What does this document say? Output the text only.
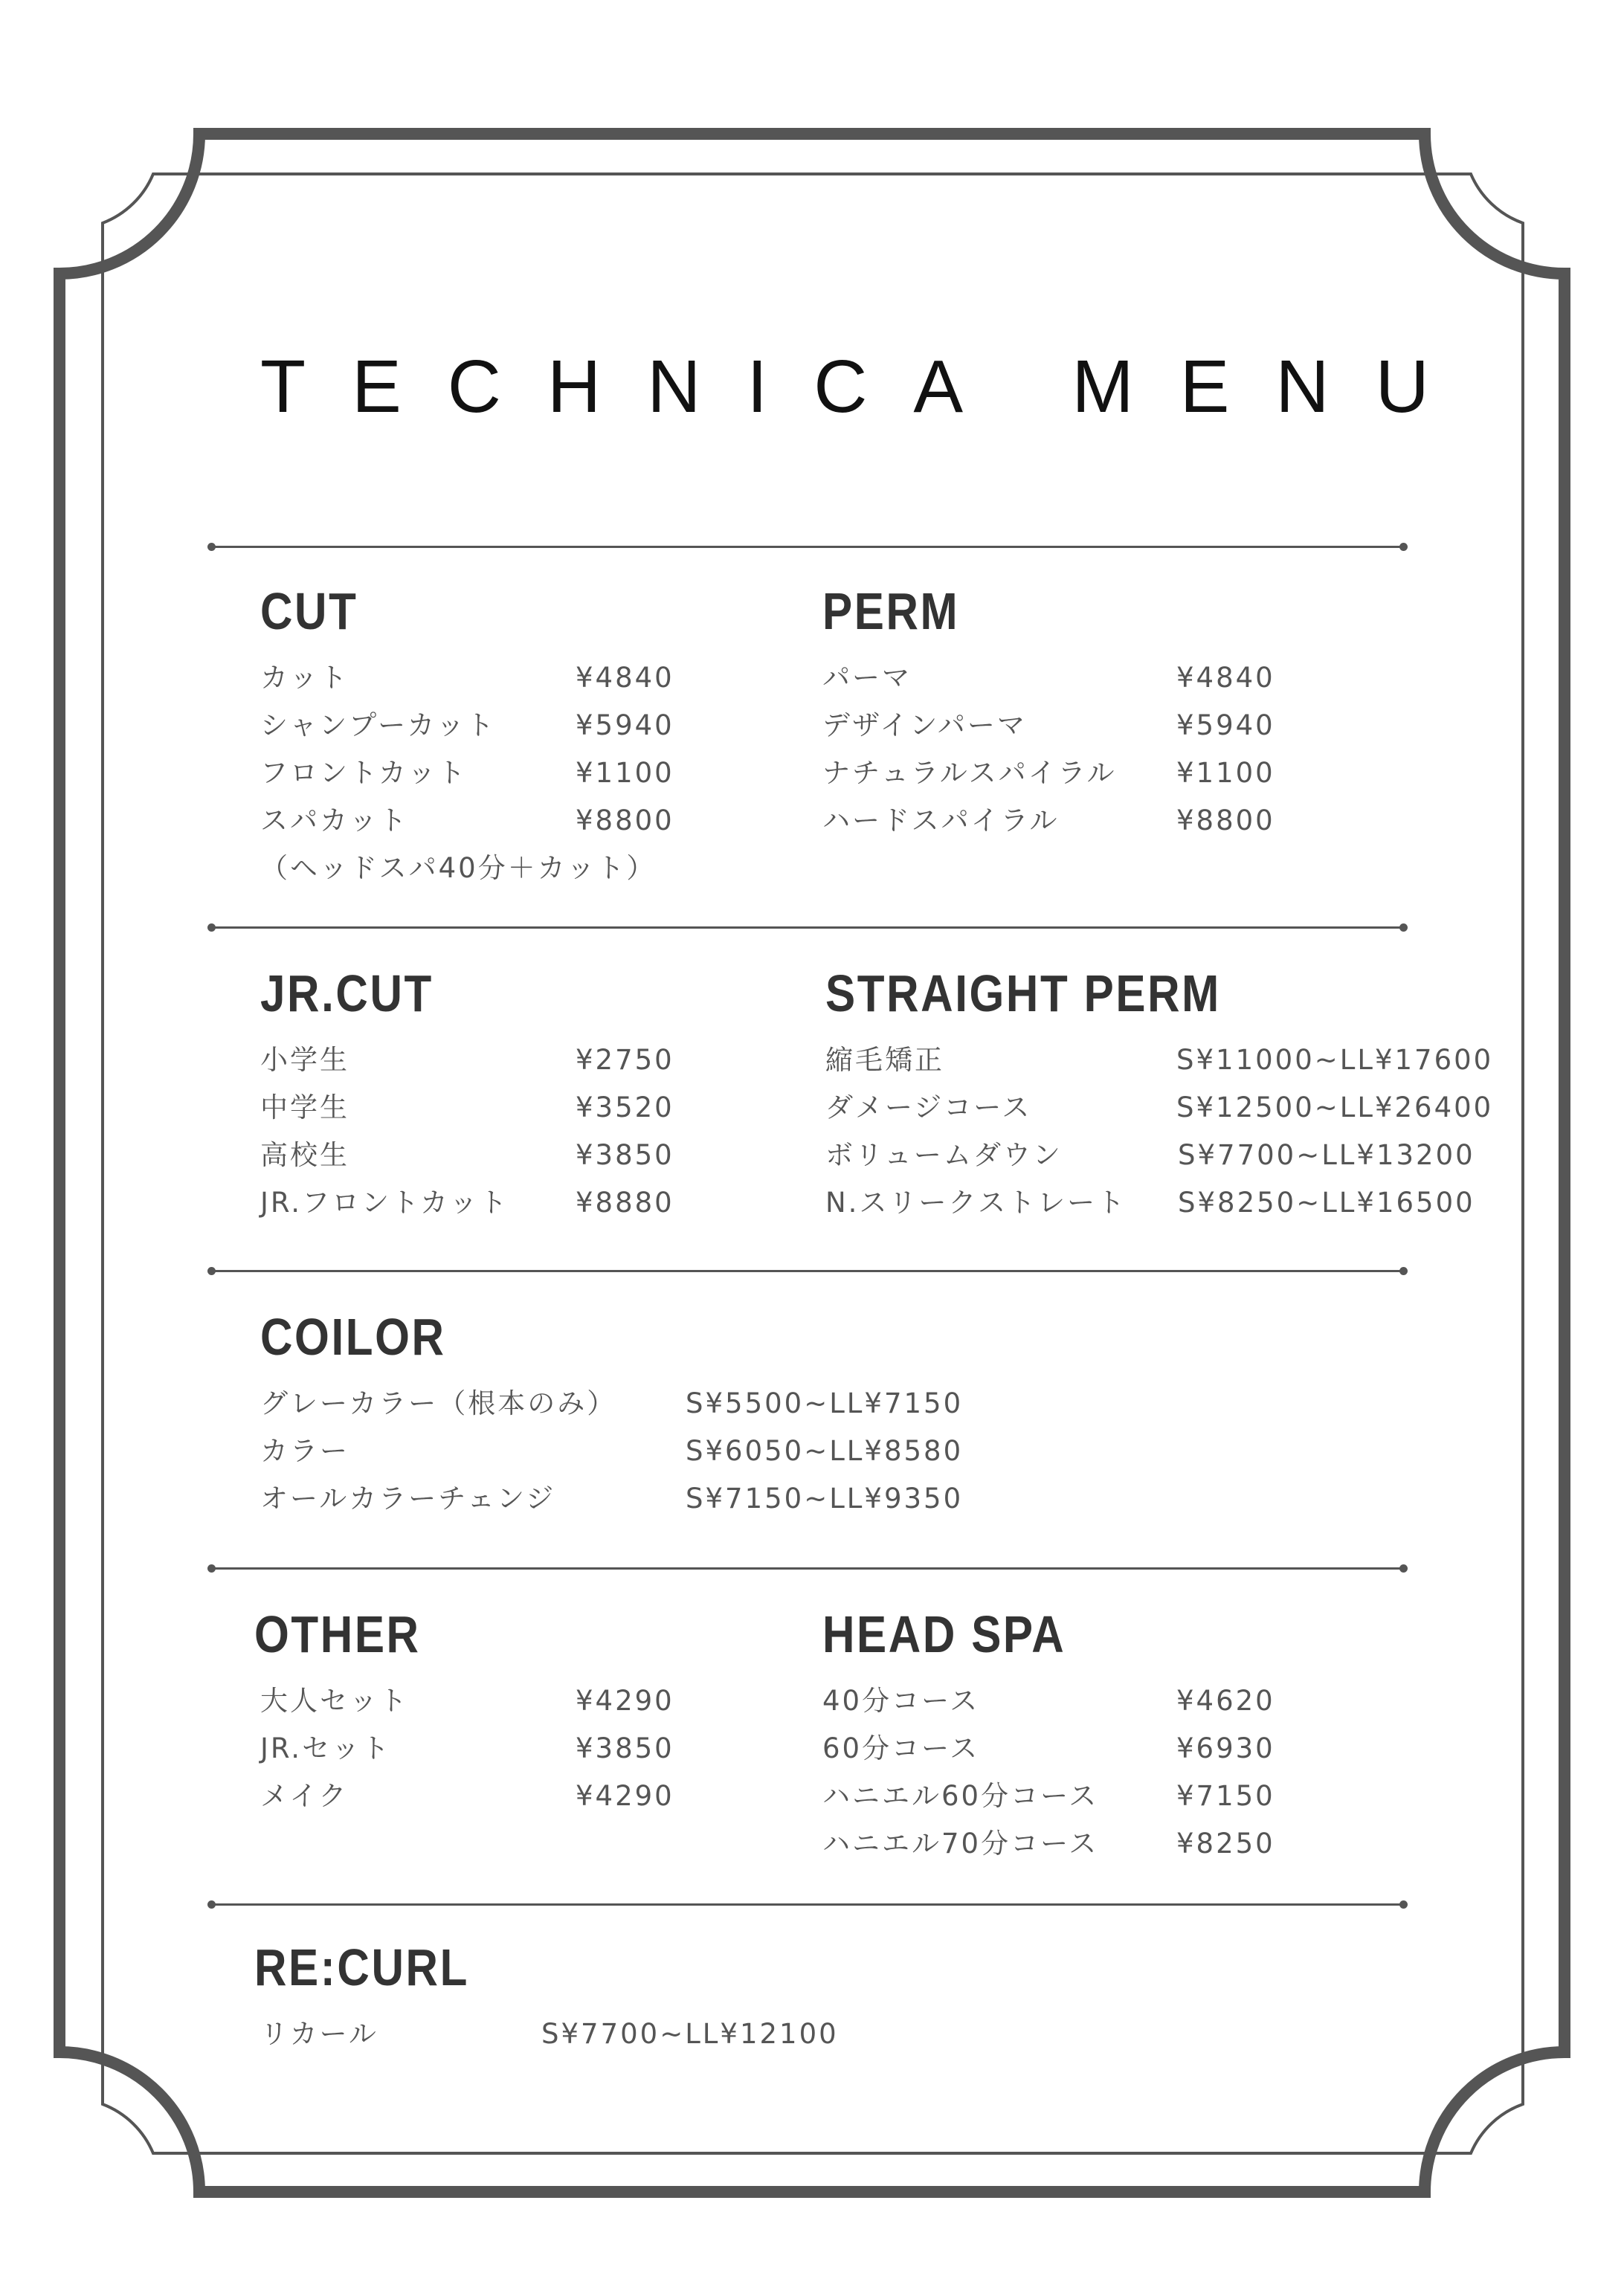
TECHNICA MENU
CUT
カット	¥4840
シャンプーカット	¥5940
フロントカット	¥1100
スパカット	¥8800
（ヘッドスパ40分＋カット）
PERM
パーマ	¥4840
デザインパーマ	¥5940
ナチュラルスパイラル ¥1100
ハードスパイラル	¥8800
JR.CUT
小学生	¥2750
中学生	¥3520
高校生	¥3850
JR.フロントカット ¥8880
STRAIGHT PERM
縮毛矯正	S¥11000~LL¥17600
ダメージコース	S¥12500~LL¥26400
ボリュームダウン	S¥7700~LL¥13200
N.スリークストレート S¥8250~LL¥16500
COILOR
グレーカラー（根本のみ）	S¥5500~LL¥7150
カラー	S¥6050~LL¥8580
オールカラーチェンジ	S¥7150~LL¥9350
OTHER
大人セット	¥4290
JR.セット	¥3850
メイク	¥4290
HEAD SPA
40分コース	¥4620
60分コース	¥6930
ハニエル60分コース	¥7150
ハニエル70分コース	¥8250
RE:CURL
リカール	S¥7700~LL¥12100
